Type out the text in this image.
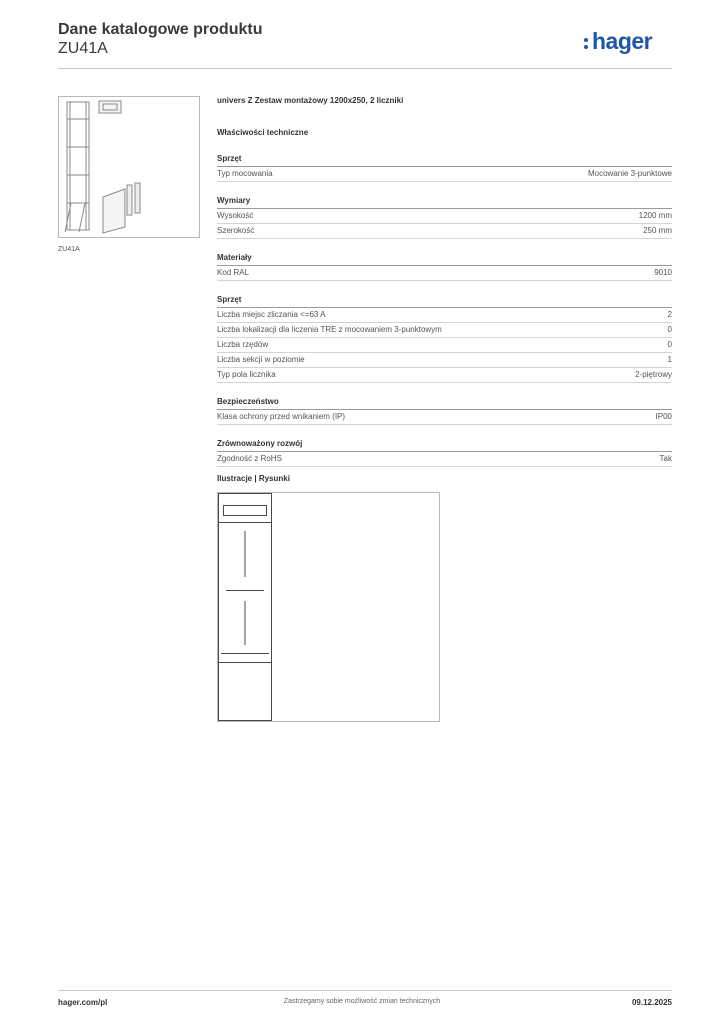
Dane katalogowe produktu
ZU41A	hager
ZU41A
univers Z Zestaw montażowy 1200x250, 2 liczniki
Właściwości techniczne
Sprzęt
Typ mocowania	Mocowanie 3-punktowe
Wymiary
Wysokość	1200 mm
Szerokość	250 mm
Materiały
Kod RAL	9010
Sprzęt
Liczba miejsc zliczania <=63 A	2
Liczba lokalizacji dla liczenia TRE z mocowaniem 3-punktowym	0
Liczba rzędów	0
Liczba sekcji w poziomie	1
Typ pola licznika	2-piętrowy
Bezpieczeństwo
Klasa ochrony przed wnikaniem (IP)	IP00
Zrównoważony rozwój
Zgodność z RoHS	Tak
Ilustracje | Rysunki
Zastrzegamy sobie możliwość zmian technicznych
hager.com/pl	09.12.2025
